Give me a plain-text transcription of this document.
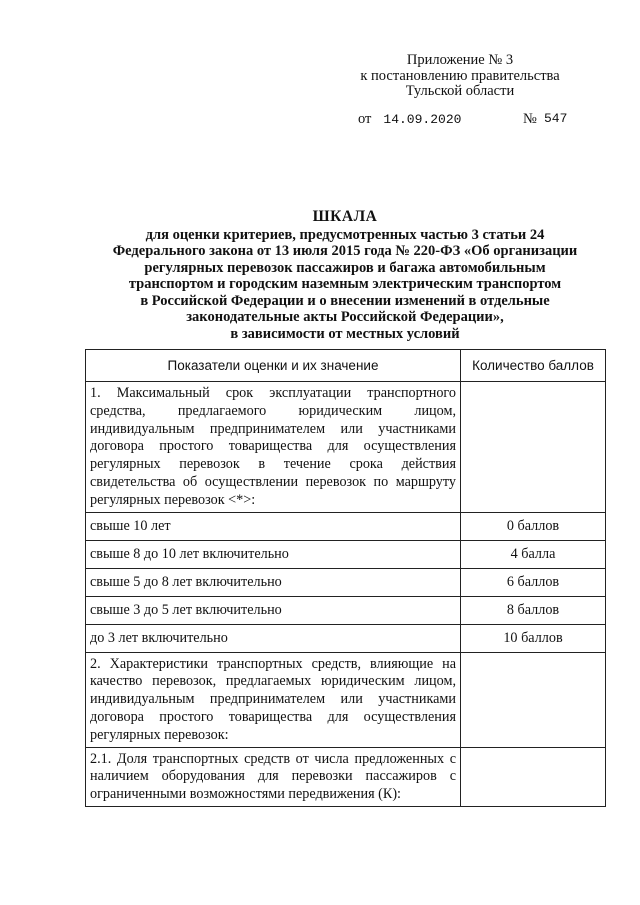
Приложение № 3
к постановлению правительства
Тульской области
от 14.09.2020	№ 547
ШКАЛА
для оценки критериев, предусмотренных частью 3 статьи 24
Федерального закона от 13 июля 2015 года № 220-ФЗ «Об организации
регулярных перевозок пассажиров и багажа автомобильным
транспортом и городским наземным электрическим транспортом
в Российской Федерации и о внесении изменений в отдельные
законодательные акты Российской Федерации»,
в зависимости от местных условий
Показатели оценки и их значение	Количество баллов
1. Максимальный срок эксплуатации транспортного средства, предлагаемого юридическим лицом, индивидуальным предпринимателем или участниками договора простого товарищества для осуществления регулярных перевозок в течение срока действия свидетельства об осуществлении перевозок по маршруту регулярных перевозок <*>:	
свыше 10 лет	0 баллов
свыше 8 до 10 лет включительно	4 балла
свыше 5 до 8 лет включительно	6 баллов
свыше 3 до 5 лет включительно	8 баллов
до 3 лет включительно	10 баллов
2. Характеристики транспортных средств, влияющие на качество перевозок, предлагаемых юридическим лицом, индивидуальным предпринимателем или участниками договора простого товарищества для осуществления регулярных перевозок:	
2.1. Доля транспортных средств от числа предложенных с наличием оборудования для перевозки пассажиров с ограниченными возможностями передвижения (К):	
